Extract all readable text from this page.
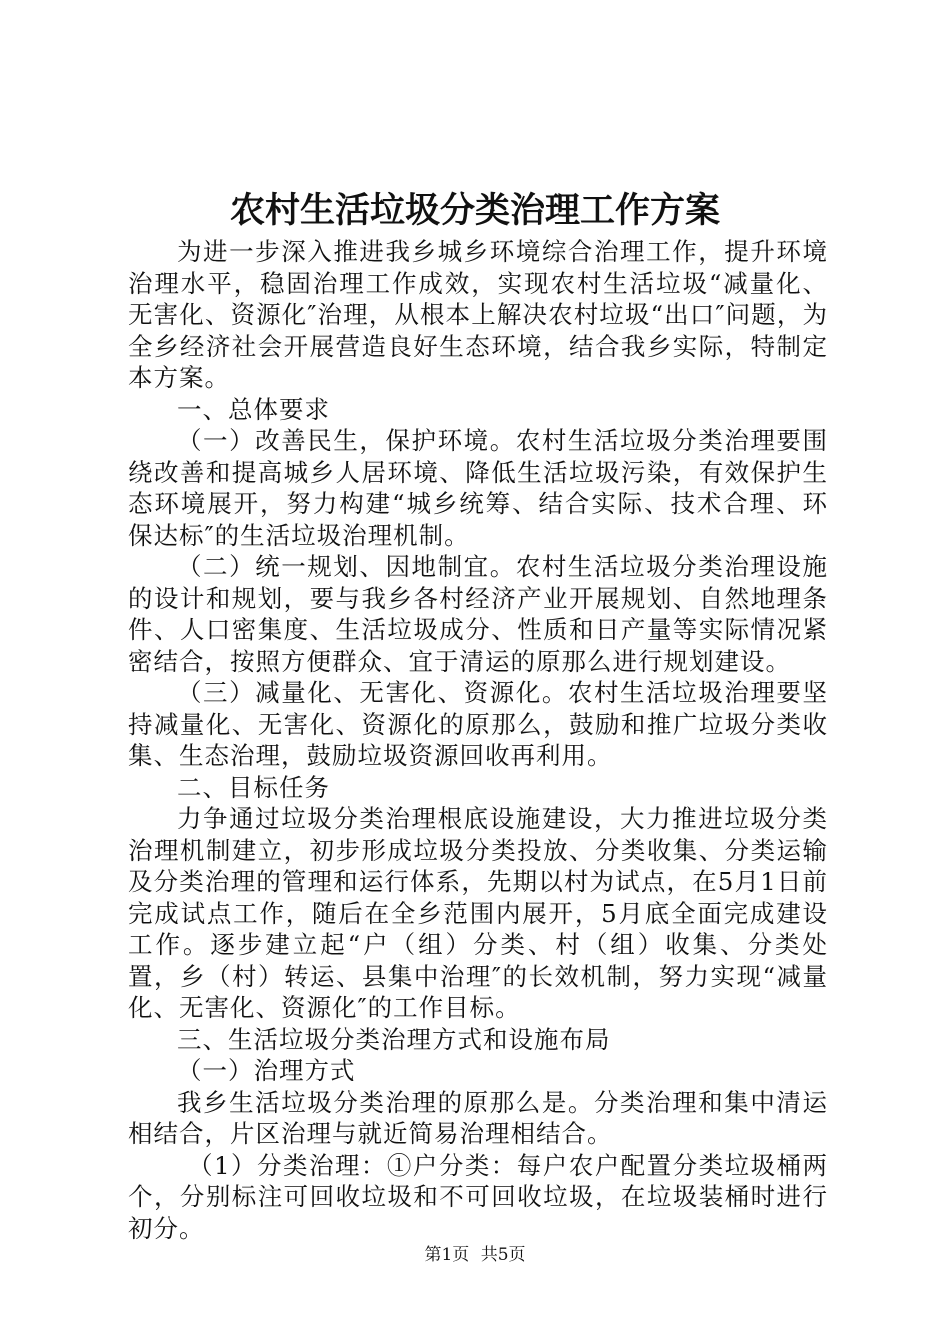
农村生活垃圾分类治理工作方案

为进一步深入推进我乡城乡环境综合治理工作，提升环境治理水平，稳固治理工作成效，实现农村生活垃圾“减量化、无害化、资源化″治理，从根本上解决农村垃圾“出口″问题，为全乡经济社会开展营造良好生态环境，结合我乡实际，特制定本方案。

一、总体要求

（一）改善民生，保护环境。农村生活垃圾分类治理要围绕改善和提高城乡人居环境、降低生活垃圾污染，有效保护生态环境展开，努力构建“城乡统筹、结合实际、技术合理、环保达标″的生活垃圾治理机制。

（二）统一规划、因地制宜。农村生活垃圾分类治理设施的设计和规划，要与我乡各村经济产业开展规划、自然地理条件、人口密集度、生活垃圾成分、性质和日产量等实际情况紧密结合，按照方便群众、宜于清运的原那么进行规划建设。

（三）减量化、无害化、资源化。农村生活垃圾治理要坚持减量化、无害化、资源化的原那么，鼓励和推广垃圾分类收集、生态治理，鼓励垃圾资源回收再利用。

二、目标任务

力争通过垃圾分类治理根底设施建设，大力推进垃圾分类治理机制建立，初步形成垃圾分类投放、分类收集、分类运输及分类治理的管理和运行体系，先期以村为试点，在5月1日前完成试点工作，随后在全乡范围内展开，5月底全面完成建设工作。逐步建立起“户（组）分类、村（组）收集、分类处置，乡（村）转运、县集中治理″的长效机制，努力实现“减量化、无害化、资源化″的工作目标。

三、生活垃圾分类治理方式和设施布局

（一）治理方式

我乡生活垃圾分类治理的原那么是。分类治理和集中清运相结合，片区治理与就近简易治理相结合。

（1）分类治理：①户分类：每户农户配置分类垃圾桶两个，分别标注可回收垃圾和不可回收垃圾，在垃圾装桶时进行初分。

第1页 共5页
